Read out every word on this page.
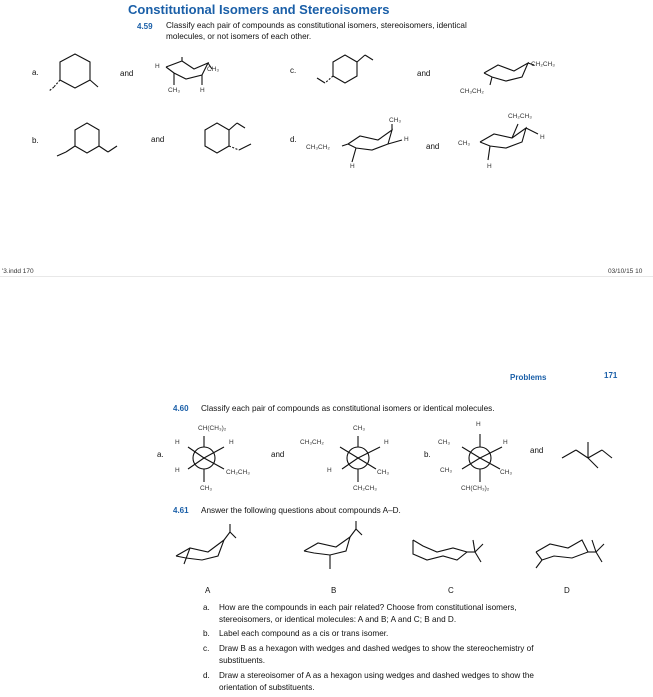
Constitutional Isomers and Stereoisomers
4.59 Classify each pair of compounds as constitutional isomers, stereoisomers, identical
molecules, or not isomers of each other.
a.	and
H	CH₃
CH₃	H
c.	and
CH₂CH₃
CH₃CH₂
b.	and	d.
CH₃
CH₃CH₂
H
H
and
CH₂CH₃
CH₃
H
H
'3.indd 170	03/10/15 10
Problems	171
4.60 Classify each pair of compounds as constitutional isomers or identical molecules.
a.
CH(CH₃)₂
H	H
H	CH₂CH₃
CH₃
and
CH₃
CH₃CH₂	H
H	CH₃
CH₂CH₃
b.
H
CH₃	H
CH₃	CH₃
CH(CH₃)₂
and
4.61 Answer the following questions about compounds A–D.
A	B	C	D
a. How are the compounds in each pair related? Choose from constitutional isomers,
stereoisomers, or identical molecules: A and B; A and C; B and D.
b. Label each compound as a cis or trans isomer.
c. Draw B as a hexagon with wedges and dashed wedges to show the stereochemistry of
substituents.
d. Draw a stereoisomer of A as a hexagon using wedges and dashed wedges to show the
orientation of substituents.
